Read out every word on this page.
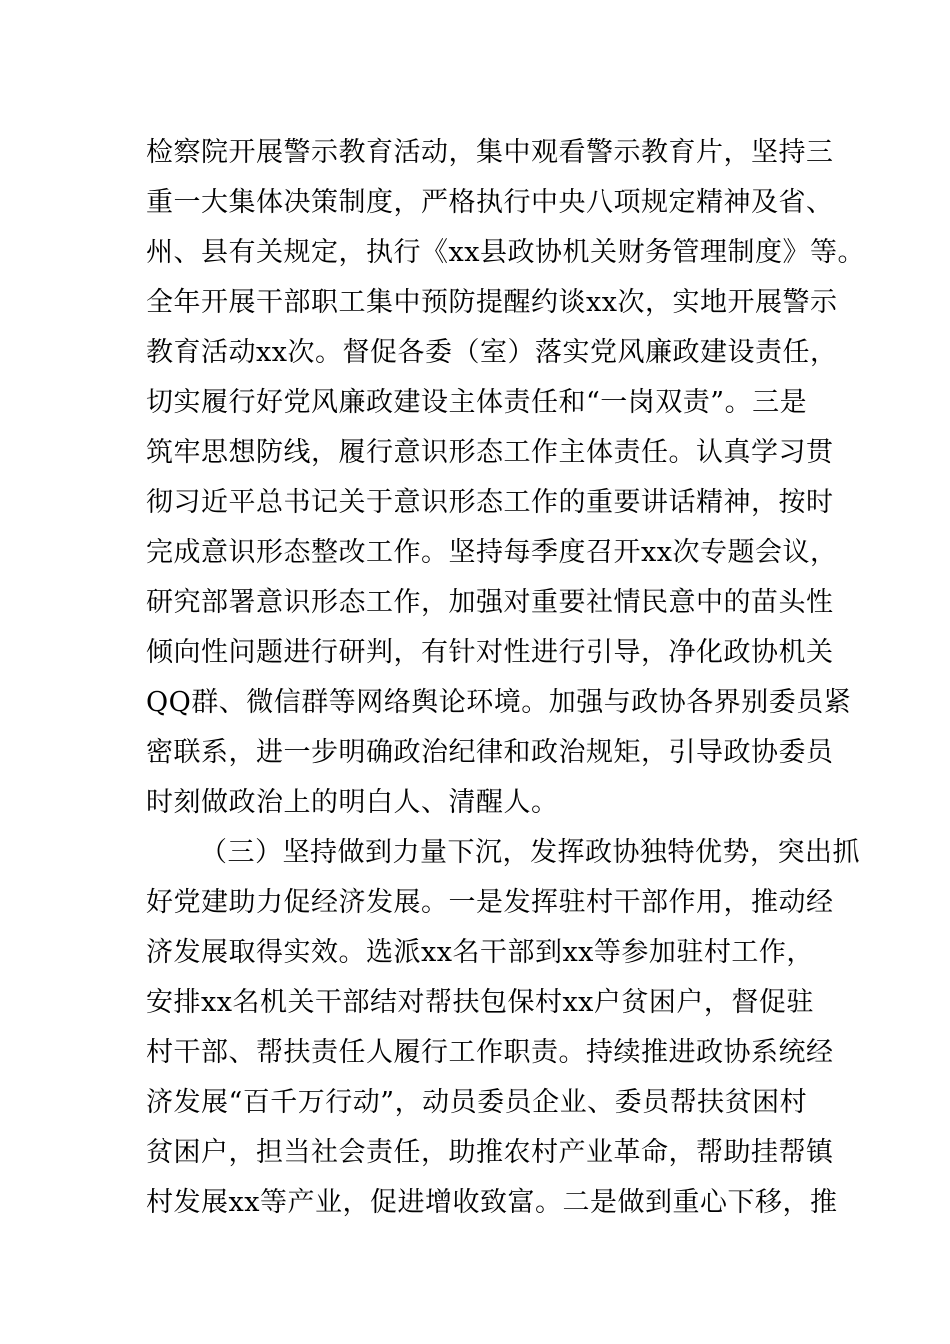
检察院开展警示教育活动，集中观看警示教育片，坚持三
重一大集体决策制度，严格执行中央八项规定精神及省、
州、县有关规定，执行《xx县政协机关财务管理制度》等。
全年开展干部职工集中预防提醒约谈xx次，实地开展警示
教育活动xx次。督促各委（室）落实党风廉政建设责任，
切实履行好党风廉政建设主体责任和“一岗双责”。三是
筑牢思想防线，履行意识形态工作主体责任。认真学习贯
彻习近平总书记关于意识形态工作的重要讲话精神，按时
完成意识形态整改工作。坚持每季度召开xx次专题会议，
研究部署意识形态工作，加强对重要社情民意中的苗头性
倾向性问题进行研判，有针对性进行引导，净化政协机关
QQ群、微信群等网络舆论环境。加强与政协各界别委员紧
密联系，进一步明确政治纪律和政治规矩，引导政协委员
时刻做政治上的明白人、清醒人。
（三）坚持做到力量下沉，发挥政协独特优势，突出抓
好党建助力促经济发展。一是发挥驻村干部作用，推动经
济发展取得实效。选派xx名干部到xx等参加驻村工作，
安排xx名机关干部结对帮扶包保村xx户贫困户，督促驻
村干部、帮扶责任人履行工作职责。持续推进政协系统经
济发展“百千万行动”，动员委员企业、委员帮扶贫困村
贫困户，担当社会责任，助推农村产业革命，帮助挂帮镇
村发展xx等产业，促进增收致富。二是做到重心下移，推
